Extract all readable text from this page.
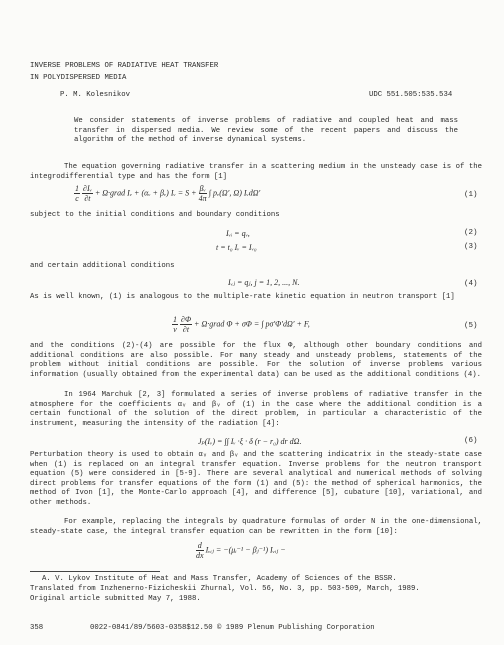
INVERSE PROBLEMS OF RADIATIVE HEAT TRANSFER
IN POLYDISPERSED MEDIA
P. M. Kolesnikov	UDC 551.505:535.534
We consider statements of inverse problems of radiative and coupled heat and mass transfer in dispersed media. We review some of the recent papers and discuss the algorithm of the method of inverse dynamical systems.
The equation governing radiative transfer in a scattering medium in the unsteady case is of the integrodifferential type and has the form [1]
$\frac{1}{c}$
$\frac{\text{∂Iᵥ}}{\partial t}$ + Ω·grad Iᵥ + (αᵥ + βᵥ) Iᵥ = $S + \frac{\text{βᵥ}}{4\pi}$ ∫ pᵥ(Ω′, Ω) IᵥdΩ′	(1)
subject to the initial conditions and boundary conditions
Iᵥᵢ = qᵥ,	(2)
t = t₀ Iᵥ = Iᵥ₀	(3)
and certain additional conditions
Iᵥⱼ = qⱼ, j = 1, 2, ..., N.	(4)
As is well known, (1) is analogous to the multiple-rate kinetic equation in neutron transport [1]
$\frac{1}{v}$
$\frac{\partial\Phi}{\partial t}$ + Ω·grad Φ + σΦ = ∫ pσ′Φ′dΩ′ + F,	(5)
and the conditions (2)-(4) are possible for the flux Φ, although other boundary conditions and additional conditions are also possible. For many steady and unsteady problems, statements of the problem without initial conditions are possible. For the solution of inverse problems various information (usually obtained from the experimental data) can be used as the additional conditions (4).
In 1964 Marchuk [2, 3] formulated a series of inverse problems of radiative transfer in the atmosphere for the coefficients αᵥ and βᵥ of (1) in the case where the additional condition is a certain functional of the solution of the direct problem, in particular a characteristic of the instrument, measuring the intensity of the radiation [4]:
Jₚ(Iᵥ) = ∫∫ Iᵥ ·ξ · δ (r − r₀) dr dΩ.	(6)
Perturbation theory is used to obtain αᵥ and βᵥ and the scattering indicatrix in the steady-state case when (1) is replaced on an integral transfer equation. Inverse problems for the neutron transport equation (5) were considered in [5-9]. There are several analytical and numerical methods of solving direct problems for transfer equations of the form (1) and (5): the method of spherical harmonics, the method of Ivon [1], the Monte-Carlo approach [4], and difference [5], cubature [10], variational, and other methods.
For example, replacing the integrals by quadrature formulas of order N in the one-dimensional, steady-state case, the integral transfer equation can be rewritten in the form [10]:
$\frac{d}{dx}$ Iᵥᵢⱼ = −(μᵢ⁻¹ − βⱼ⁻¹) Iᵥᵢⱼ −
A. V. Lykov Institute of Heat and Mass Transfer, Academy of Sciences of the BSSR.
Translated from Inzhenerno-Fizicheskii Zhurnal, Vol. 56, No. 3, pp. 503-509, March, 1989.
Original article submitted May 7, 1988.
358	0022-0841/89/5603-0358$12.50 © 1989 Plenum Publishing Corporation
